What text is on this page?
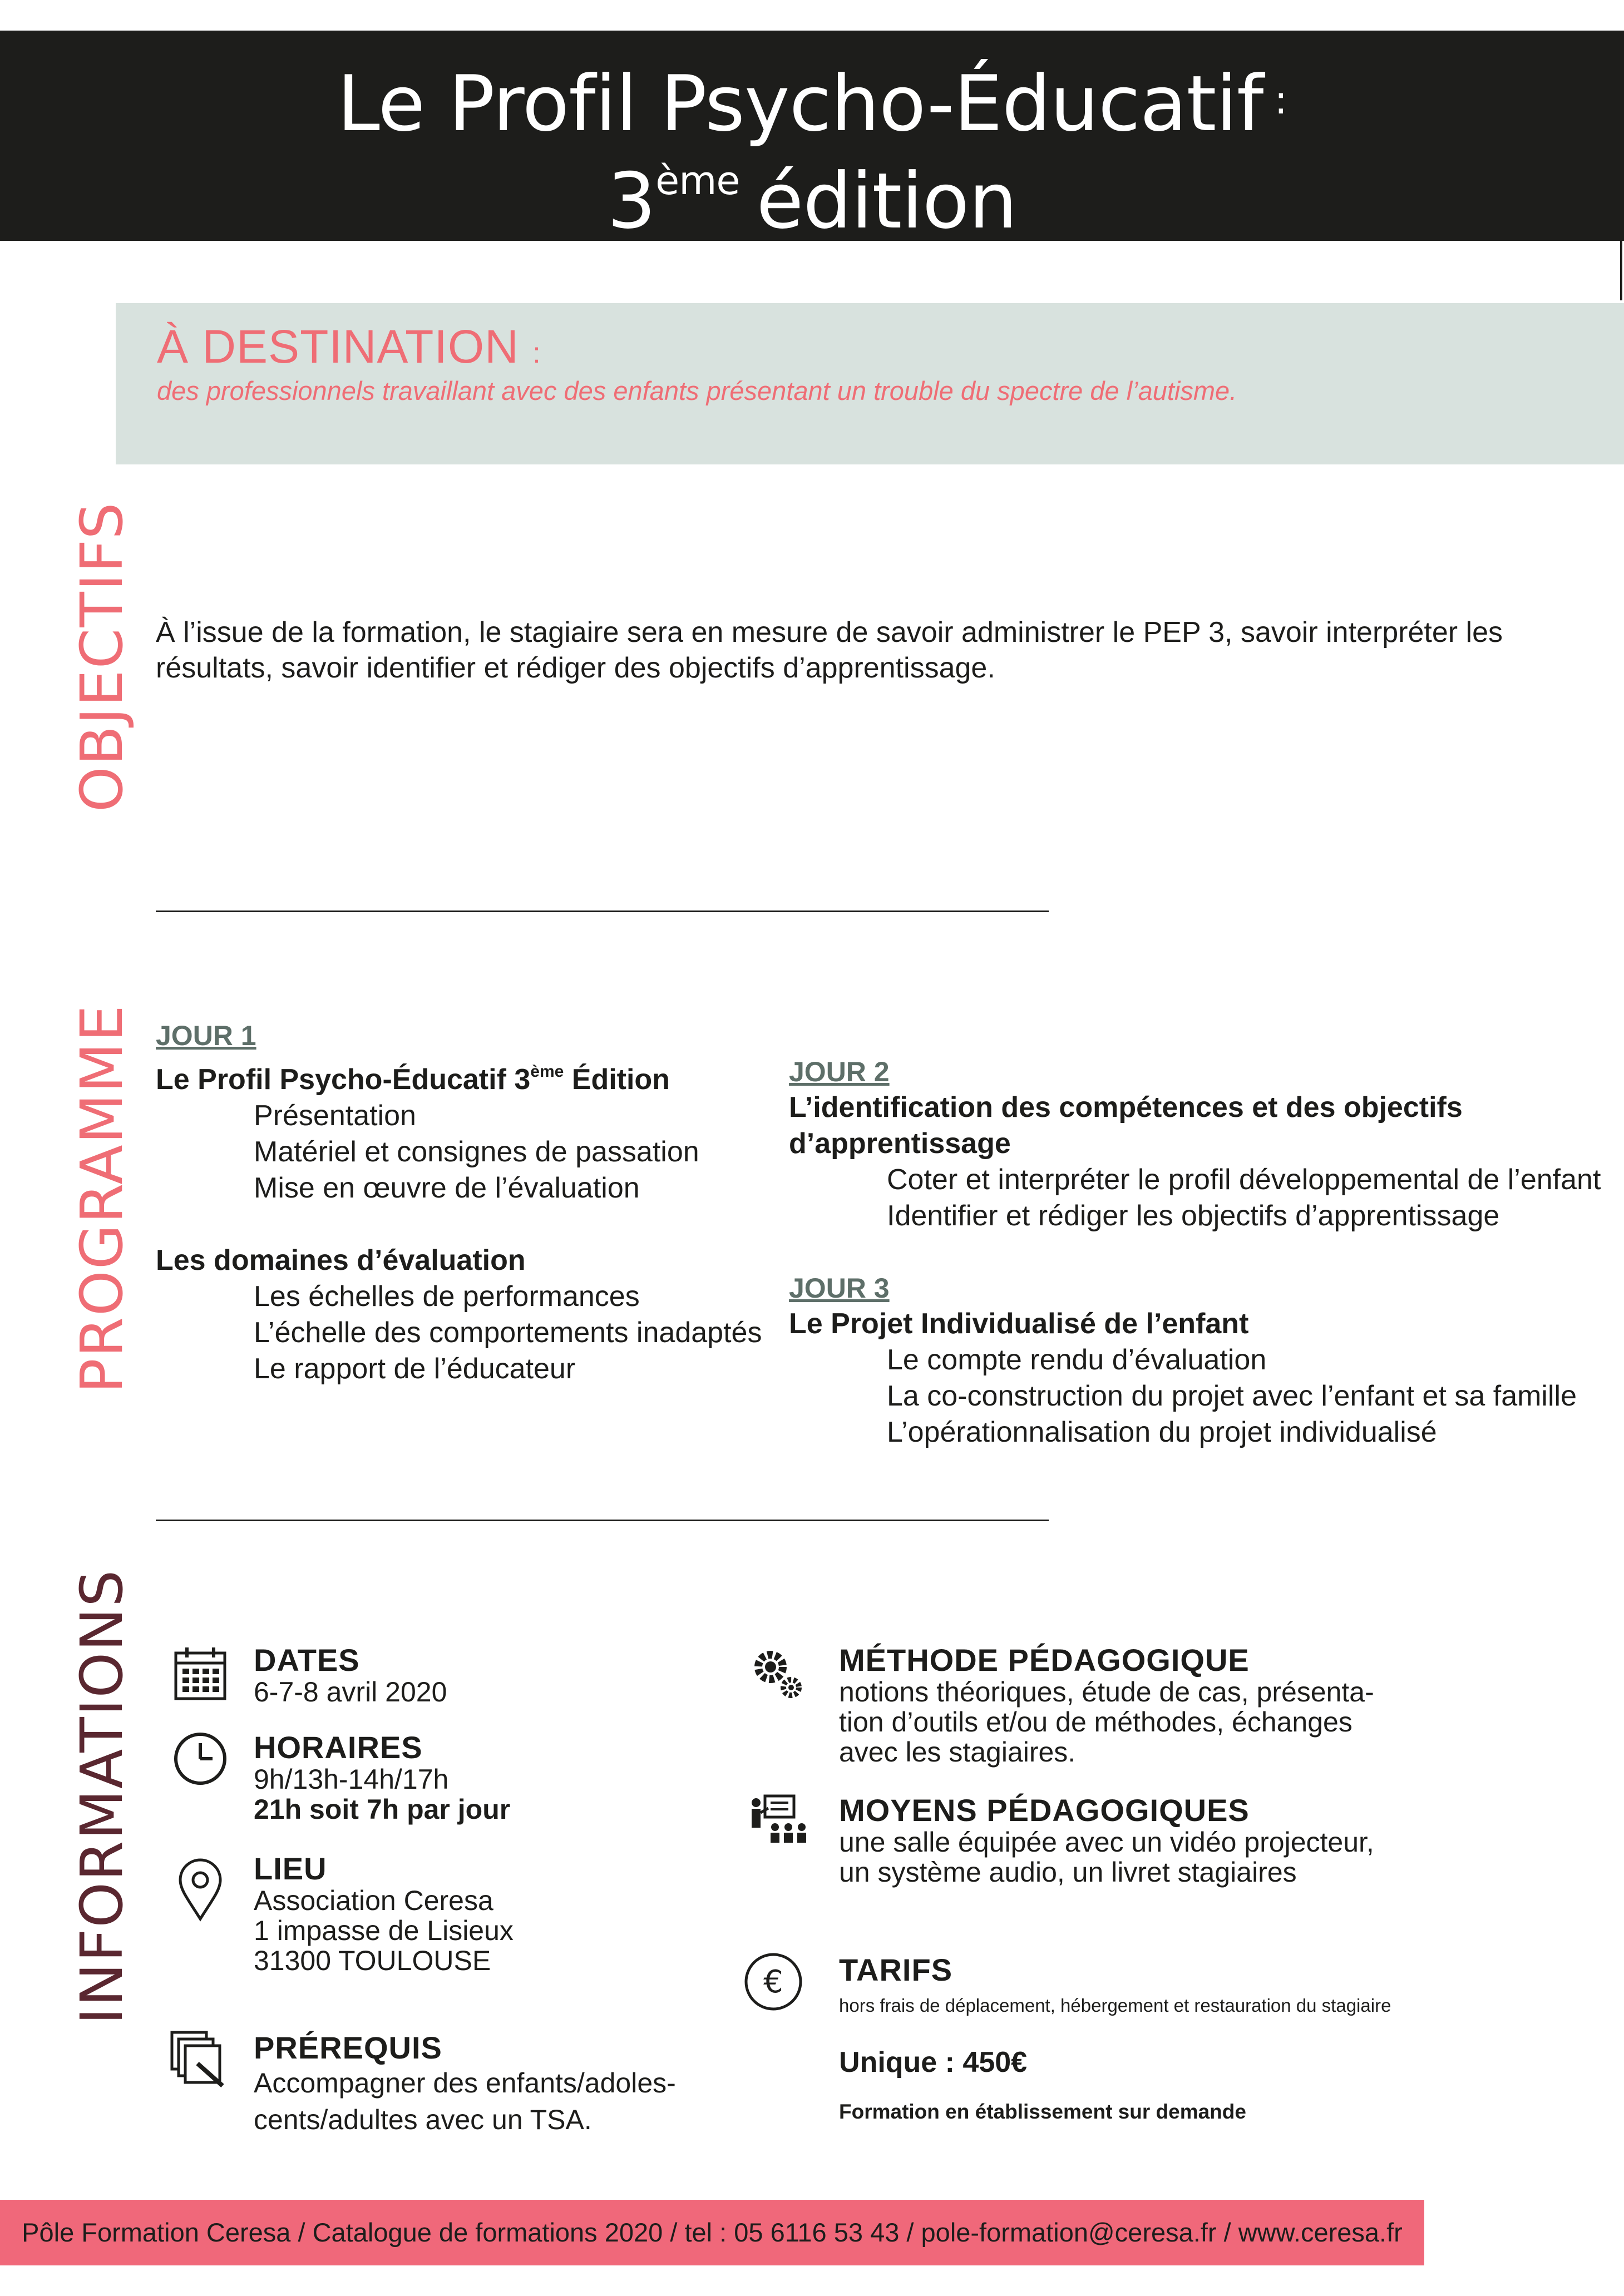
Le Profil Psycho-Éducatif :
3ème édition
À DESTINATION :
des professionnels travaillant avec des enfants présentant un trouble du spectre de l’autisme.
OBJECTIFS À l’issue de la formation, le stagiaire sera en mesure de savoir administrer le PEP 3, savoir interpréter les
résultats, savoir identifier et rédiger des objectifs d’apprentissage.
PROGRAMME JOUR 1
Le Profil Psycho-Éducatif 3ème Édition
Présentation
Matériel et consignes de passation
Mise en œuvre de l’évaluation
Les domaines d’évaluation
Les échelles de performances
L’échelle des comportements inadaptés
Le rapport de l’éducateur
JOUR 2
L’identification des compétences et des objectifs
d’apprentissage
Coter et interpréter le profil développemental de l’enfant
Identifier et rédiger les objectifs d’apprentissage
JOUR 3
Le Projet Individualisé de l’enfant
Le compte rendu d’évaluation
La co-construction du projet avec l’enfant et sa famille
L’opérationnalisation du projet individualisé
INFORMATIONS	DATES
6-7-8 avril 2020
HORAIRES
9h/13h-14h/17h
21h soit 7h par jour
LIEU
Association Ceresa
1 impasse de Lisieux
31300 TOULOUSE
PRÉREQUIS
Accompagner des enfants/adoles-
cents/adultes avec un TSA.
MÉTHODE PÉDAGOGIQUE
notions théoriques, étude de cas, présenta-
tion d’outils et/ou de méthodes, échanges
avec les stagiaires.
MOYENS PÉDAGOGIQUES
une salle équipée avec un vidéo projecteur,
un système audio, un livret stagiaires
€ TARIFS
hors frais de déplacement, hébergement et restauration du stagiaire
Unique : 450€
Formation en établissement sur demande
Pôle Formation Ceresa / Catalogue de formations 2020 / tel : 05 6116 53 43 / pole-formation@ceresa.fr / www.ceresa.fr
